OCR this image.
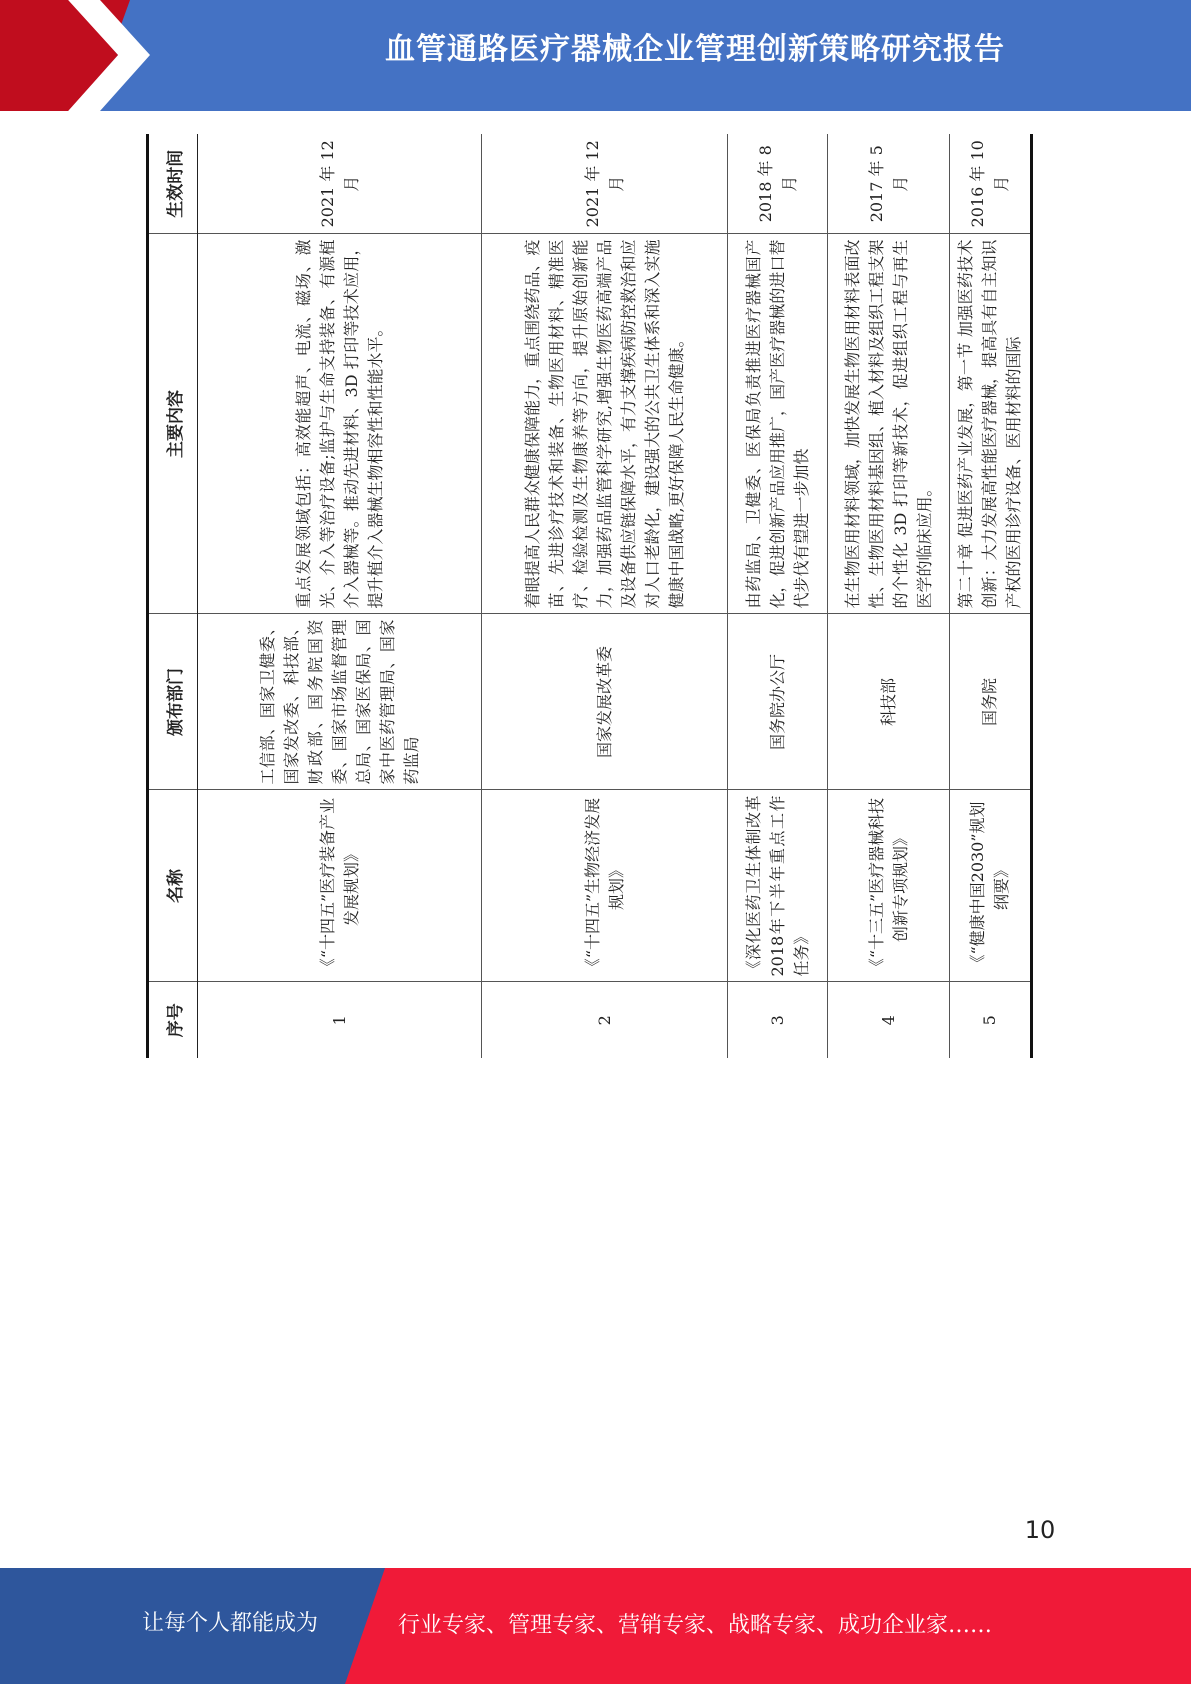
血管通路医疗器械企业管理创新策略研究报告
序号	名称	颁布部门	主要内容	生效时间
1	《“十四五”医疗装备产业发展规划》	工信部、国家卫健委、国家发改委、科技部、财政部、国务院国资委、国家市场监督管理总局、国家医保局、国家中医药管理局、国家药监局	重点发展领域包括：高效能超声、电流、磁场、激光、介入等治疗设备;监护与生命支持装备、有源植介入器械等。推动先进材料、3D 打印等技术应用，提升植介入器械生物相容性和性能水平。	2021 年 12 月
2	《“十四五”生物经济发展规划》	国家发展改革委	着眼提高人民群众健康保障能力，重点围绕药品、疫苗、先进诊疗技术和装备、生物医用材料、精准医疗、检验检测及生物康养等方向，提升原始创新能力，加强药品监管科学研究,增强生物医药高端产品及设备供应链保障水平，有力支撑疾病防控救治和应对人口老龄化，建设强大的公共卫生体系和深入实施健康中国战略,更好保障人民生命健康。	2021 年 12 月
3	《深化医药卫生体制改革2018年下半年重点工作任务》	国务院办公厅	由药监局、卫健委、医保局负责推进医疗器械国产化，促进创新产品应用推广，国产医疗器械的进口替代步伐有望进一步加快	2018 年 8 月
4	《“十三五”医疗器械科技创新专项规划》	科技部	在生物医用材料领域，加快发展生物医用材料表面改性、生物医用材料基因组、植入材料及组织工程支架的个性化 3D 打印等新技术，促进组织工程与再生医学的临床应用。	2017 年 5 月
5	《“健康中国2030”规划纲要》	国务院	第二十章 促进医药产业发展，第一节 加强医药技术创新：大力发展高性能医疗器械，提高具有自主知识产权的医用诊疗设备、医用材料的国际	2016 年 10 月
10
让每个人都能成为	行业专家、管理专家、营销专家、战略专家、成功企业家……
